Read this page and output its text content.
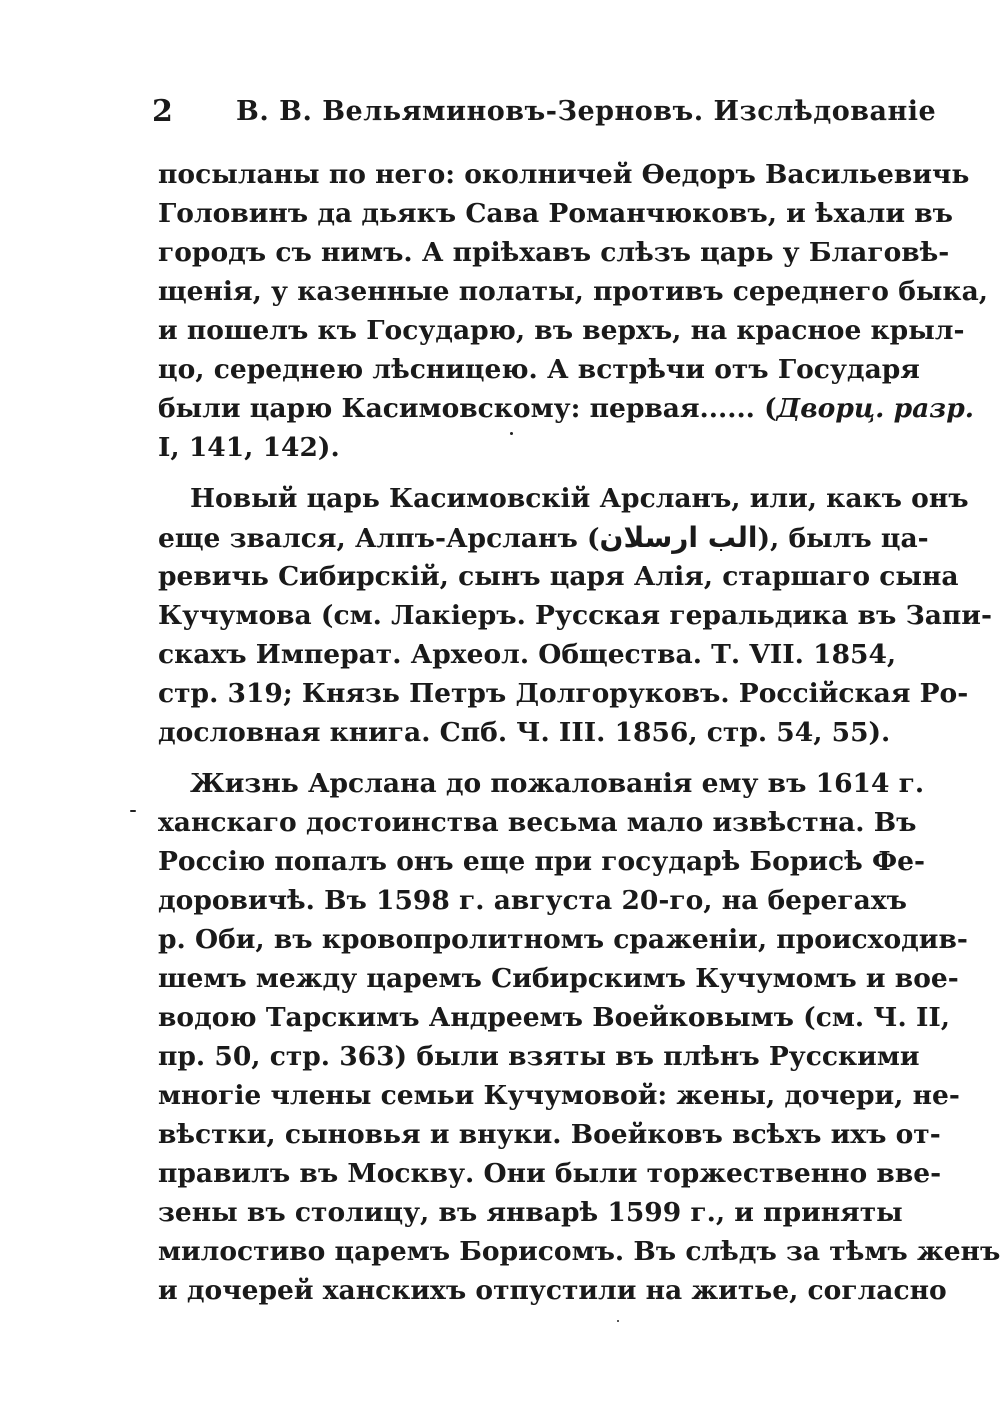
2 В. В. Вельяминовъ-Зерновъ. Изслѣдованіе
посыланы по него: околничей Ѳедоръ Васильевичь
Головинъ да дьякъ Сава Романчюковъ, и ѣхали въ
городъ съ нимъ. А пріѣхавъ слѣзъ царь у Благовѣ-
щенія, у казенные полаты, противъ середнего быка,
и пошелъ къ Государю, въ верхъ, на красное крыл-
цо, середнею лѣсницею. А встрѣчи отъ Государя
были царю Касимовскому: первая...... (Дворц. разр.
I, 141, 142).
Новый царь Касимовскій Арсланъ, или, какъ онъ
еще звался, Алпъ-Арсланъ (الب ارسلان), былъ ца-
ревичь Сибирскій, сынъ царя Алія, старшаго сына
Кучумова (см. Лакіеръ. Русская геральдика въ Запи-
скахъ Императ. Археол. Общества. Т. VII. 1854,
стр. 319; Князь Петръ Долгоруковъ. Россійская Ро-
дословная книга. Спб. Ч. III. 1856, стр. 54, 55).
Жизнь Арслана до пожалованія ему въ 1614 г.
ханскаго достоинства весьма мало извѣстна. Въ
Россію попалъ онъ еще при государѣ Борисѣ Фе-
доровичѣ. Въ 1598 г. августа 20-го, на берегахъ
р. Оби, въ кровопролитномъ сраженіи, происходив-
шемъ между царемъ Сибирскимъ Кучумомъ и вое-
водою Тарскимъ Андреемъ Воейковымъ (см. Ч. II,
пр. 50, стр. 363) были взяты въ плѣнъ Русскими
многіе члены семьи Кучумовой: жены, дочери, не-
вѣстки, сыновья и внуки. Воейковъ всѣхъ ихъ от-
правилъ въ Москву. Они были торжественно вве-
зены въ столицу, въ январѣ 1599 г., и приняты
милостиво царемъ Борисомъ. Въ слѣдъ за тѣмъ женъ
и дочерей ханскихъ отпустили на житье, согласно
